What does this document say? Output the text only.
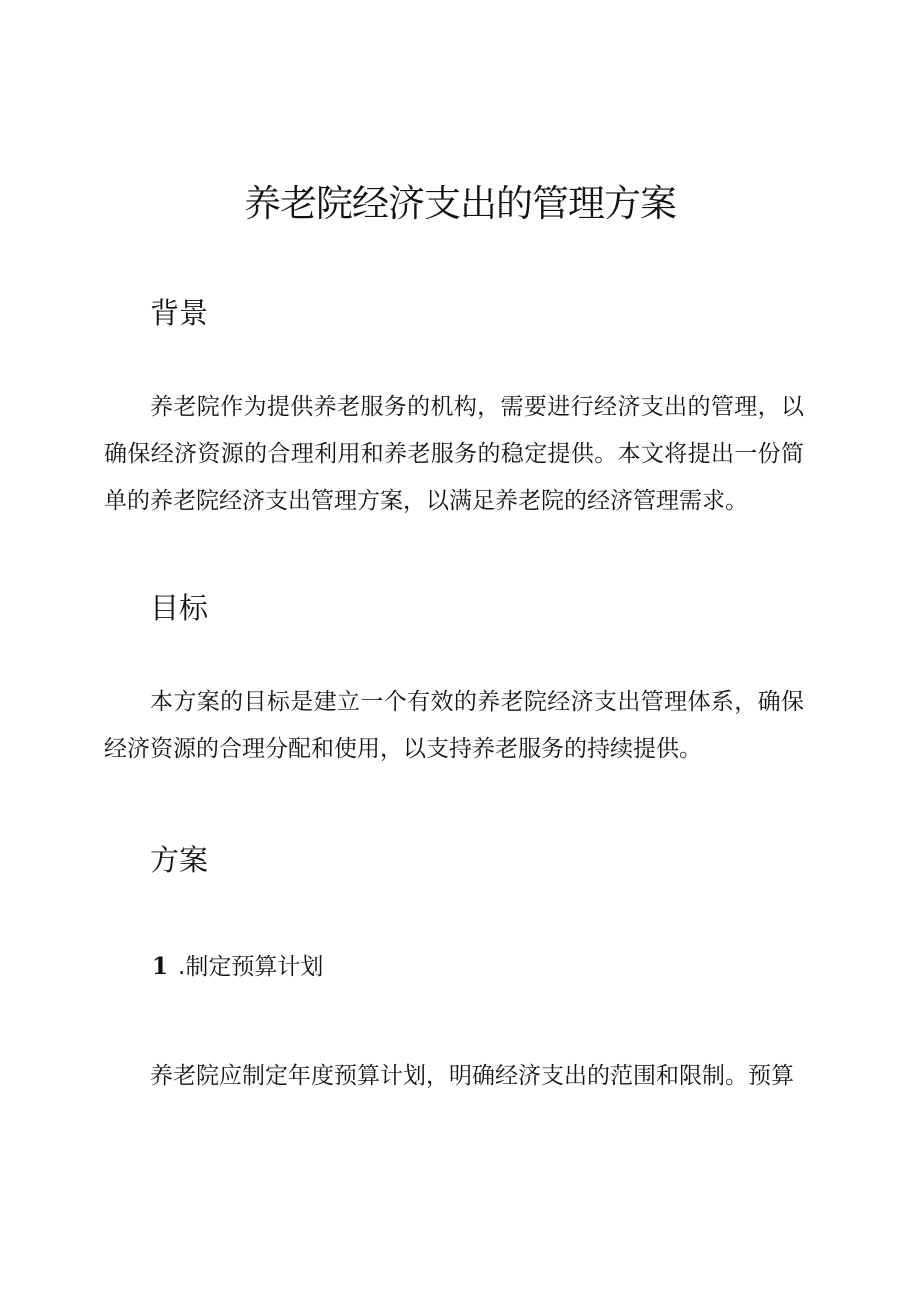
养老院经济支出的管理方案
背景

养老院作为提供养老服务的机构，需要进行经济支出的管理，以确保经济资源的合理利用和养老服务的稳定提供。本文将提出一份简单的养老院经济支出管理方案，以满足养老院的经济管理需求。

目标

本方案的目标是建立一个有效的养老院经济支出管理体系，确保经济资源的合理分配和使用，以支持养老服务的持续提供。

方案
1 .制定预算计划

养老院应制定年度预算计划，明确经济支出的范围和限制。预算
